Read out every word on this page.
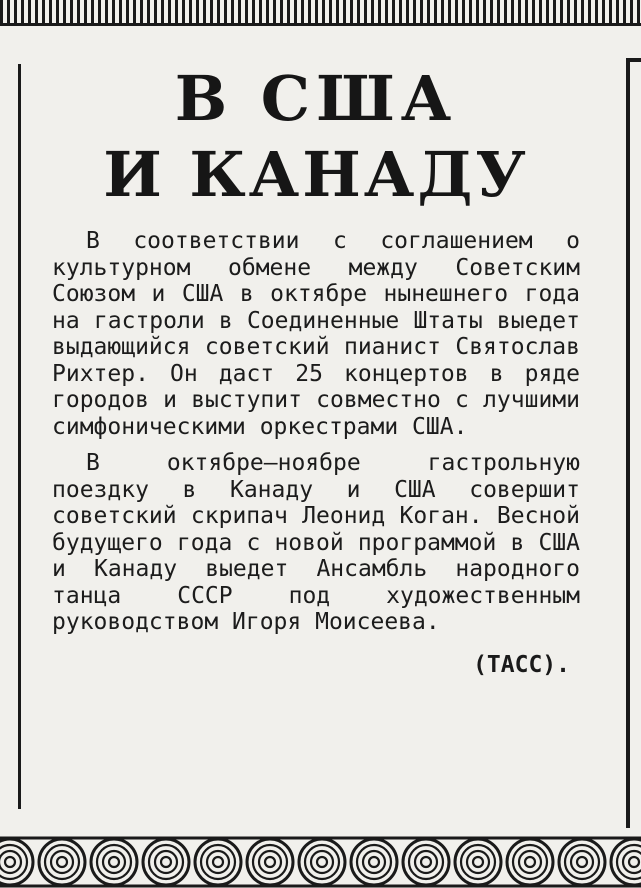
В США
И КАНАДУ

В соответствии с соглашением о культурном обмене между Советским Союзом и США в октябре нынешнего года на гастроли в Соединенные Штаты выедет выдающийся советский пианист Святослав Рихтер. Он даст 25 концертов в ряде городов и выступит совместно с лучшими симфоническими оркестрами США.

В октябре—ноябре гастрольную поездку в Канаду и США совершит советский скрипач Леонид Коган. Весной будущего года с новой программой в США и Канаду выедет Ансамбль народного танца СССР под художественным руководством Игоря Моисеева.

(ТАСС).
